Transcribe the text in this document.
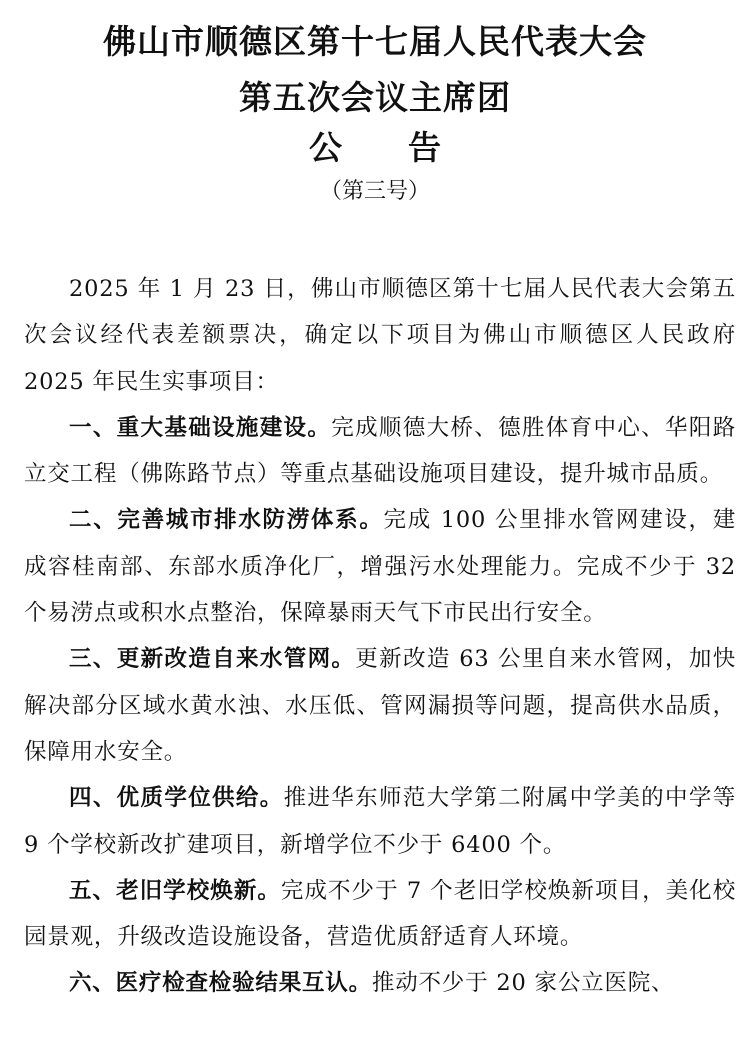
佛山市顺德区第十七届人民代表大会
第五次会议主席团
公 告
（第三号）

2025 年 1 月 23 日，佛山市顺德区第十七届人民代表大会第五次会议经代表差额票决，确定以下项目为佛山市顺德区人民政府 2025 年民生实事项目：

一、重大基础设施建设。完成顺德大桥、德胜体育中心、华阳路立交工程（佛陈路节点）等重点基础设施项目建设，提升城市品质。

二、完善城市排水防涝体系。完成 100 公里排水管网建设，建成容桂南部、东部水质净化厂，增强污水处理能力。完成不少于 32 个易涝点或积水点整治，保障暴雨天气下市民出行安全。

三、更新改造自来水管网。更新改造 63 公里自来水管网，加快解决部分区域水黄水浊、水压低、管网漏损等问题，提高供水品质，保障用水安全。

四、优质学位供给。推进华东师范大学第二附属中学美的中学等 9 个学校新改扩建项目，新增学位不少于 6400 个。

五、老旧学校焕新。完成不少于 7 个老旧学校焕新项目，美化校园景观，升级改造设施设备，营造优质舒适育人环境。

六、医疗检查检验结果互认。推动不少于 20 家公立医院、
